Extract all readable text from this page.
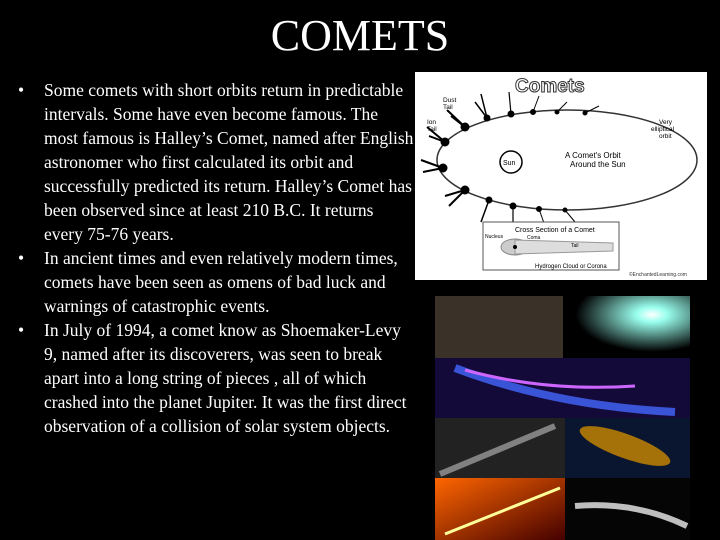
COMETS
•	Some comets with short orbits return in predictable intervals. Some have even become famous. The most famous is Halley’s Comet, named after English astronomer who first calculated its orbit and successfully predicted its return. Halley’s Comet has been observed since at least 210 B.C. It returns every 75-76 years.
•	In ancient times and even relatively modern times, comets have been seen as omens of bad luck and warnings of catastrophic events.
•	In July of 1994, a comet know as Shoemaker-Levy 9, named after its discoverers, was seen to break apart into a long string of pieces , all of which crashed into the planet Jupiter. It was the first direct observation of a collision of solar system objects.
Comets
Sun
Dust Tail
Ion Tail
Very elliptical orbit
A Comet's Orbit Around the Sun
Cross Section of a Comet
Nucleus	Coma
Tail
Hydrogen Cloud or Corona
©EnchantedLearning.com
